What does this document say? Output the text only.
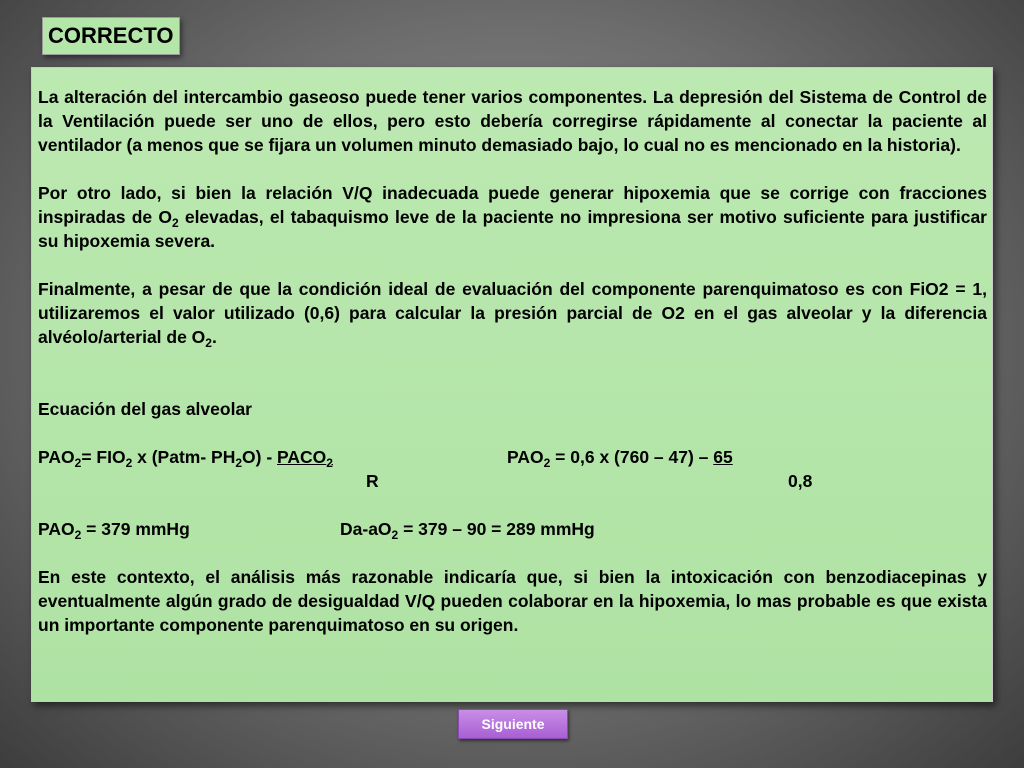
CORRECTO

La alteración del intercambio gaseoso puede tener varios componentes. La depresión del Sistema de Control de la Ventilación puede ser uno de ellos, pero esto debería corregirse rápidamente al conectar la paciente al ventilador (a menos que se fijara un volumen minuto demasiado bajo, lo cual no es mencionado en la historia).

Por otro lado, si bien la relación V/Q inadecuada puede generar hipoxemia que se corrige con fracciones inspiradas de $O_2$ elevadas, el tabaquismo leve de la paciente no impresiona ser motivo suficiente para justificar su hipoxemia severa.

Finalmente, a pesar de que la condición ideal de evaluación del componente parenquimatoso es con FiO2 = 1, utilizaremos el valor utilizado (0,6) para calcular la presión parcial de O2 en el gas alveolar y la diferencia alvéolo/arterial de $O_2$.

Ecuación del gas alveolar
$PAO_2= FIO_2$ x (Patm- $PH_2O$) - $PACO_2$	$PAO_2 = 0,6$ x (760 – 47) – 65
R	0,8
$PAO_2 = 379$ mmHg	$Da-aO_2 = 379 - 90 = 289$ mmHg

En este contexto, el análisis más razonable indicaría que, si bien la intoxicación con benzodiacepinas y eventualmente algún grado de desigualdad V/Q pueden colaborar en la hipoxemia, lo mas probable es que exista un importante componente parenquimatoso en su origen.

Siguiente
